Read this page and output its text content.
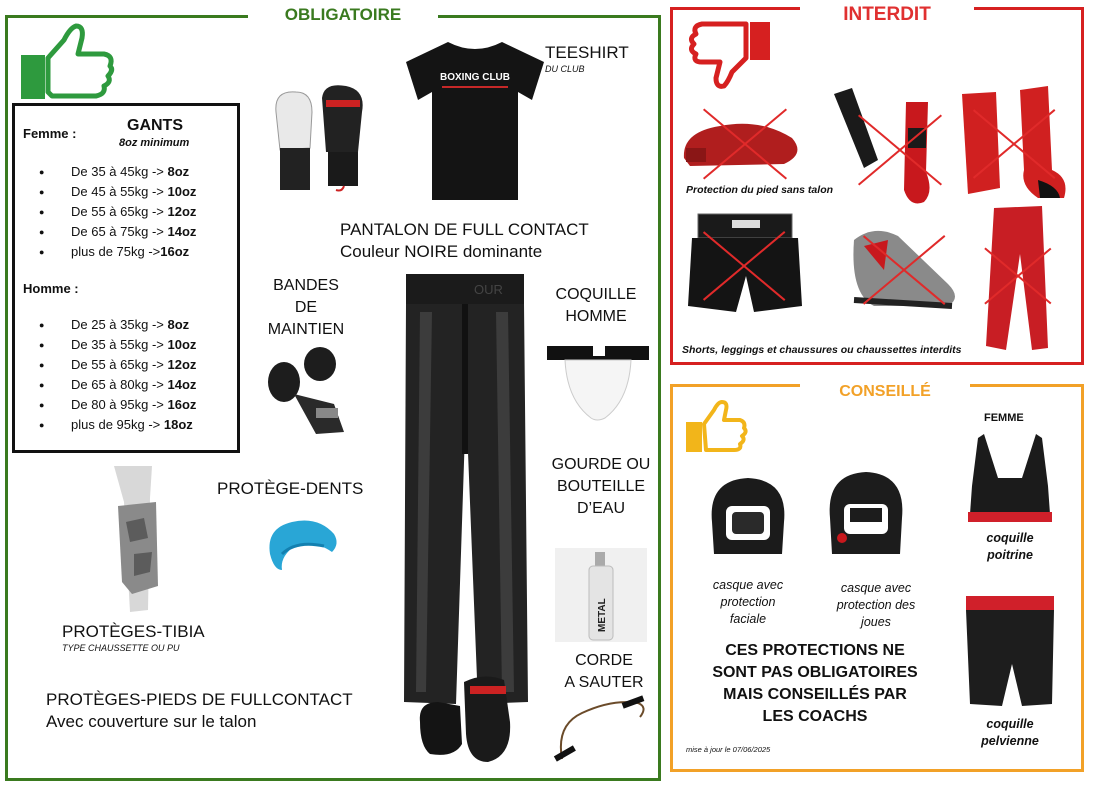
OBLIGATOIRE
Femme :	GANTS
8oz minimum
● De 35 à 45kg -> 8oz
● De 45 à 55kg -> 10oz
● De 55 à 65kg -> 12oz
● De 65 à 75kg -> 14oz
● plus de 75kg ->16oz
Homme :
● De 25 à 35kg -> 8oz
● De 35 à 55kg -> 10oz
● De 55 à 65kg -> 12oz
● De 65 à 80kg -> 14oz
● De 80 à 95kg -> 16oz
● plus de 95kg -> 18oz
BOXING CLUB
TEESHIRT
DU CLUB
PANTALON DE FULL CONTACT
Couleur NOIRE dominante
OUR
BANDES
DE
MAINTIEN
COQUILLE
HOMME
PROTÈGE-DENTS
GOURDE OU
BOUTEILLE
D’EAU
METAL
PROTÈGES-TIBIA
TYPE CHAUSSETTE OU PU
CORDE
A SAUTER
PROTÈGES-PIEDS DE FULLCONTACT
Avec couverture sur le talon
INTERDIT
Protection du pied sans talon
Shorts, leggings et chaussures ou chaussettes interdits
CONSEILLÉ
casque avec
protection
faciale
casque avec
protection des
joues
FEMME
coquille
poitrine
coquille
pelvienne
CES PROTECTIONS NE
SONT PAS OBLIGATOIRES
MAIS CONSEILLÉS PAR
LES COACHS
mise à jour le 07/06/2025
